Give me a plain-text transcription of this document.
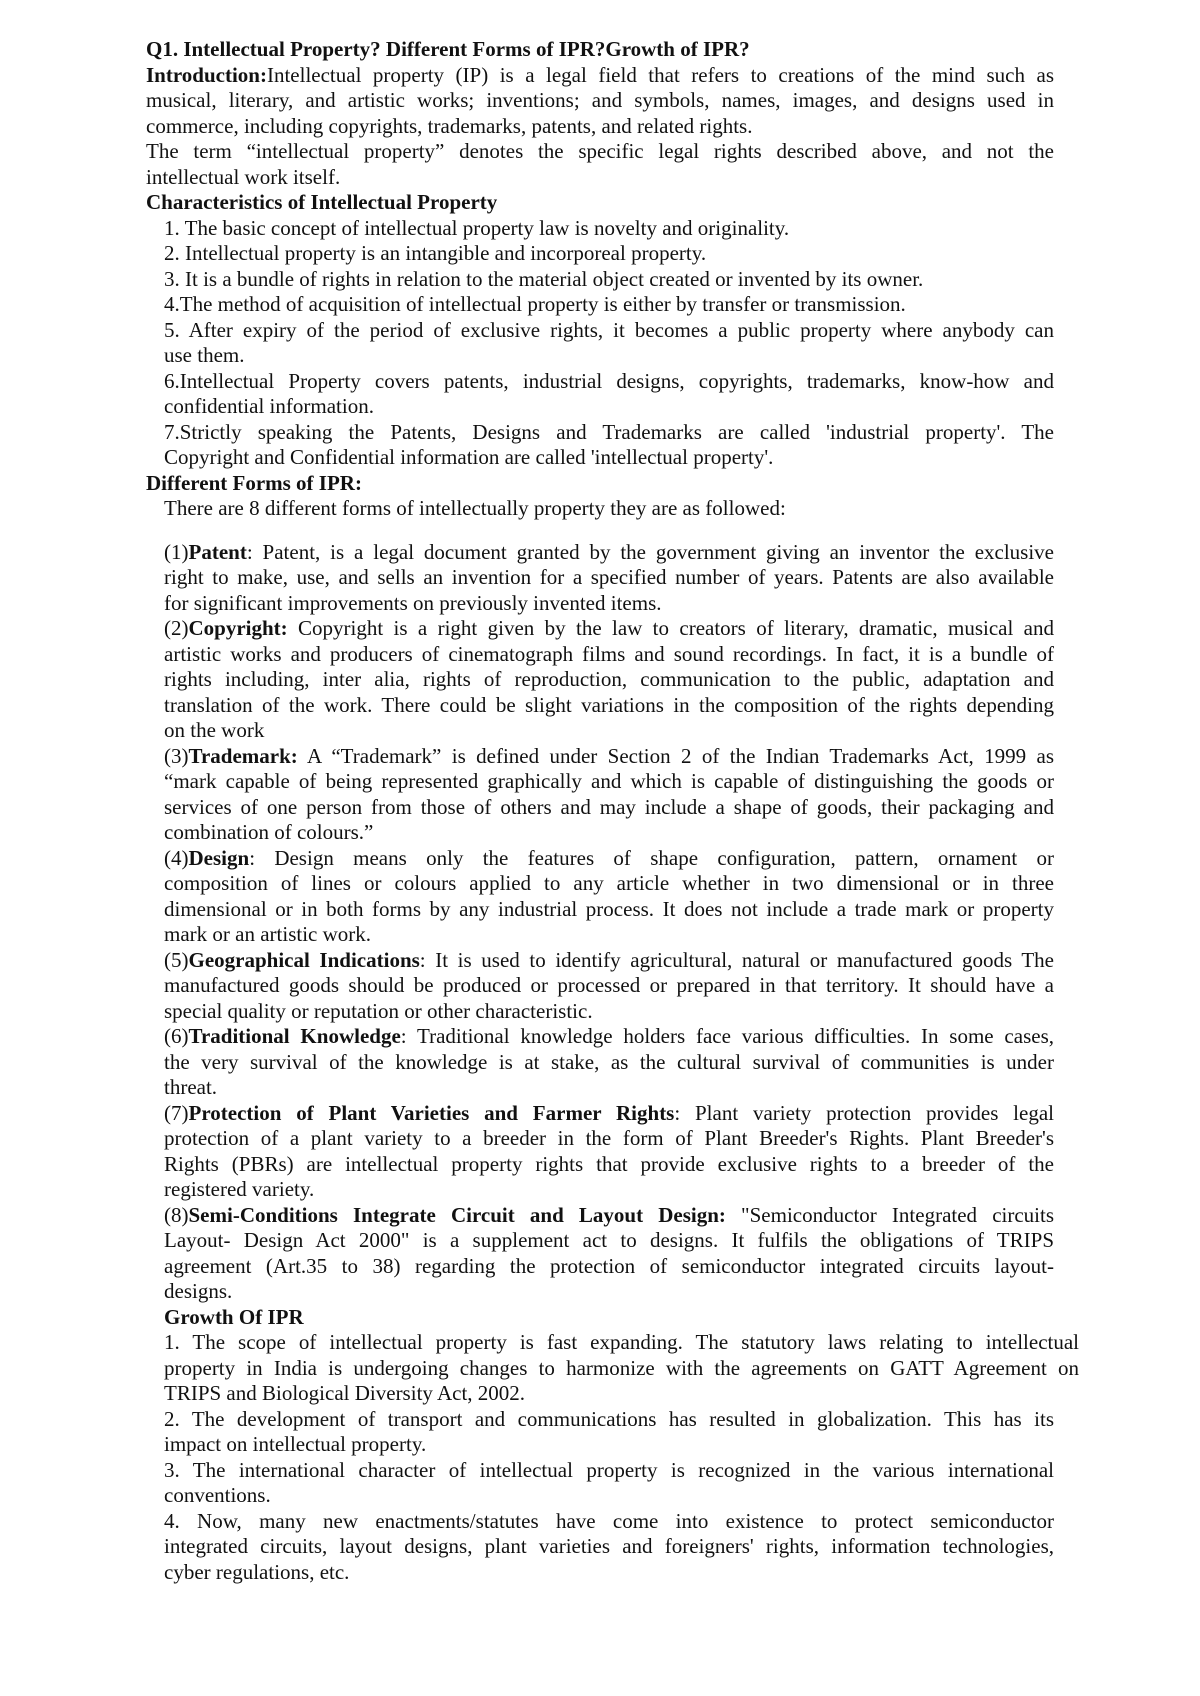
Q1. Intellectual Property? Different Forms of IPR?Growth of IPR?
Introduction:Intellectual property (IP) is a legal field that refers to creations of the mind such as
musical, literary, and artistic works; inventions; and symbols, names, images, and designs used in
commerce, including copyrights, trademarks, patents, and related rights.
The term “intellectual property” denotes the specific legal rights described above, and not the
intellectual work itself.
Characteristics of Intellectual Property
1. The basic concept of intellectual property law is novelty and originality.
2. Intellectual property is an intangible and incorporeal property.
3. It is a bundle of rights in relation to the material object created or invented by its owner.
4.The method of acquisition of intellectual property is either by transfer or transmission.
5. After expiry of the period of exclusive rights, it becomes a public property where anybody can
use them.
6.Intellectual Property covers patents, industrial designs, copyrights, trademarks, know-how and
confidential information.
7.Strictly speaking the Patents, Designs and Trademarks are called 'industrial property'. The
Copyright and Confidential information are called 'intellectual property'.
Different Forms of IPR:
There are 8 different forms of intellectually property they are as followed:
(1)Patent: Patent, is a legal document granted by the government giving an inventor the exclusive
right to make, use, and sells an invention for a specified number of years. Patents are also available
for significant improvements on previously invented items.
(2)Copyright: Copyright is a right given by the law to creators of literary, dramatic, musical and
artistic works and producers of cinematograph films and sound recordings. In fact, it is a bundle of
rights including, inter alia, rights of reproduction, communication to the public, adaptation and
translation of the work. There could be slight variations in the composition of the rights depending
on the work
(3)Trademark: A “Trademark” is defined under Section 2 of the Indian Trademarks Act, 1999 as
“mark capable of being represented graphically and which is capable of distinguishing the goods or
services of one person from those of others and may include a shape of goods, their packaging and
combination of colours.”
(4)Design: Design means only the features of shape configuration, pattern, ornament or
composition of lines or colours applied to any article whether in two dimensional or in three
dimensional or in both forms by any industrial process. It does not include a trade mark or property
mark or an artistic work.
(5)Geographical Indications: It is used to identify agricultural, natural or manufactured goods The
manufactured goods should be produced or processed or prepared in that territory. It should have a
special quality or reputation or other characteristic.
(6)Traditional Knowledge: Traditional knowledge holders face various difficulties. In some cases,
the very survival of the knowledge is at stake, as the cultural survival of communities is under
threat.
(7)Protection of Plant Varieties and Farmer Rights: Plant variety protection provides legal
protection of a plant variety to a breeder in the form of Plant Breeder's Rights. Plant Breeder's
Rights (PBRs) are intellectual property rights that provide exclusive rights to a breeder of the
registered variety.
(8)Semi-Conditions Integrate Circuit and Layout Design: "Semiconductor Integrated circuits
Layout- Design Act 2000" is a supplement act to designs. It fulfils the obligations of TRIPS
agreement (Art.35 to 38) regarding the protection of semiconductor integrated circuits layout-
designs.
Growth Of IPR
1. The scope of intellectual property is fast expanding. The statutory laws relating to intellectual
property in India is undergoing changes to harmonize with the agreements on GATT Agreement on
TRIPS and Biological Diversity Act, 2002.
2. The development of transport and communications has resulted in globalization. This has its
impact on intellectual property.
3. The international character of intellectual property is recognized in the various international
conventions.
4. Now, many new enactments/statutes have come into existence to protect semiconductor
integrated circuits, layout designs, plant varieties and foreigners' rights, information technologies,
cyber regulations, etc.
